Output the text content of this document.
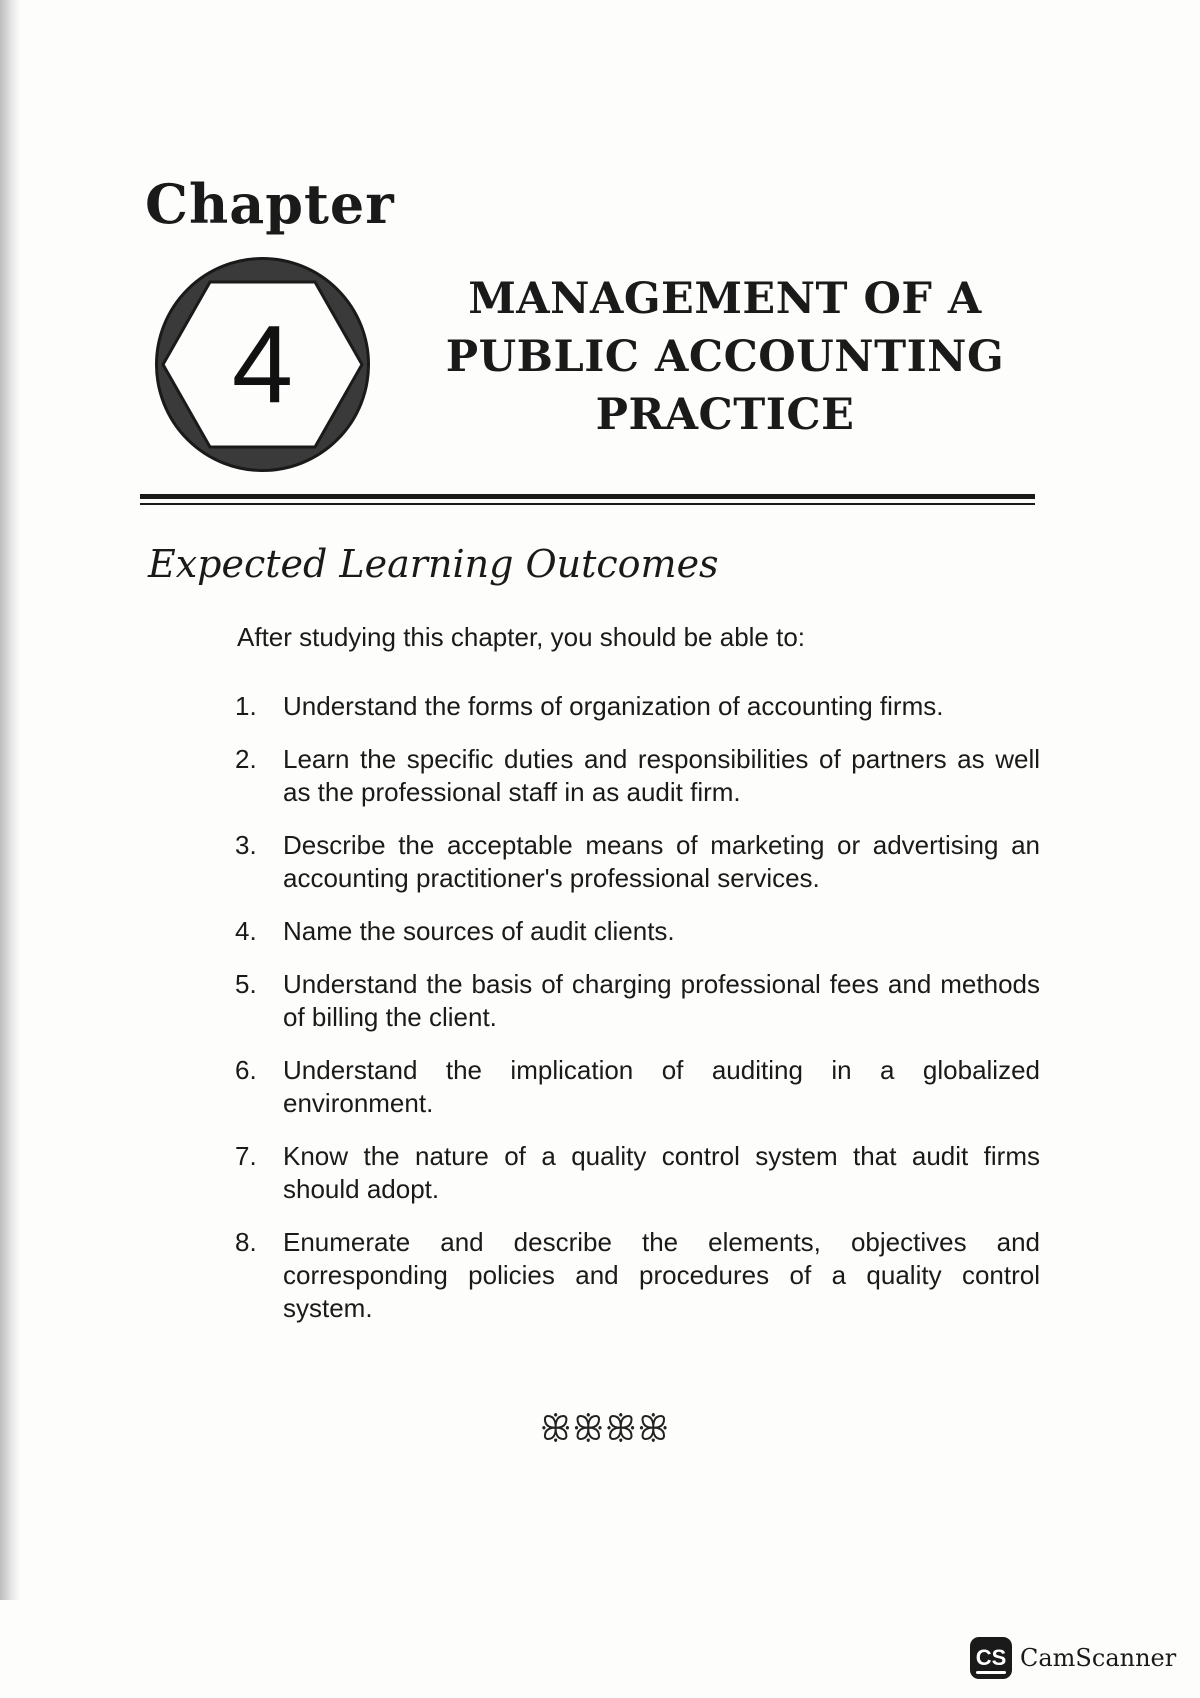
Chapter
4
MANAGEMENT OF A
PUBLIC ACCOUNTING
PRACTICE
Expected Learning Outcomes
After studying this chapter, you should be able to:
1.	Understand the forms of organization of accounting firms.
2.	Learn the specific duties and responsibilities of partners as well as the professional staff in as audit firm.
3.	Describe the acceptable means of marketing or advertising an accounting practitioner's professional services.
4.	Name the sources of audit clients.
5.	Understand the basis of charging professional fees and methods of billing the client.
6.	Understand the implication of auditing in a globalized environment.
7.	Know the nature of a quality control system that audit firms should adopt.
8.	Enumerate and describe the elements, objectives and corresponding policies and procedures of a quality control system.
ꕥꕥꕥꕥ
CS CamScanner
